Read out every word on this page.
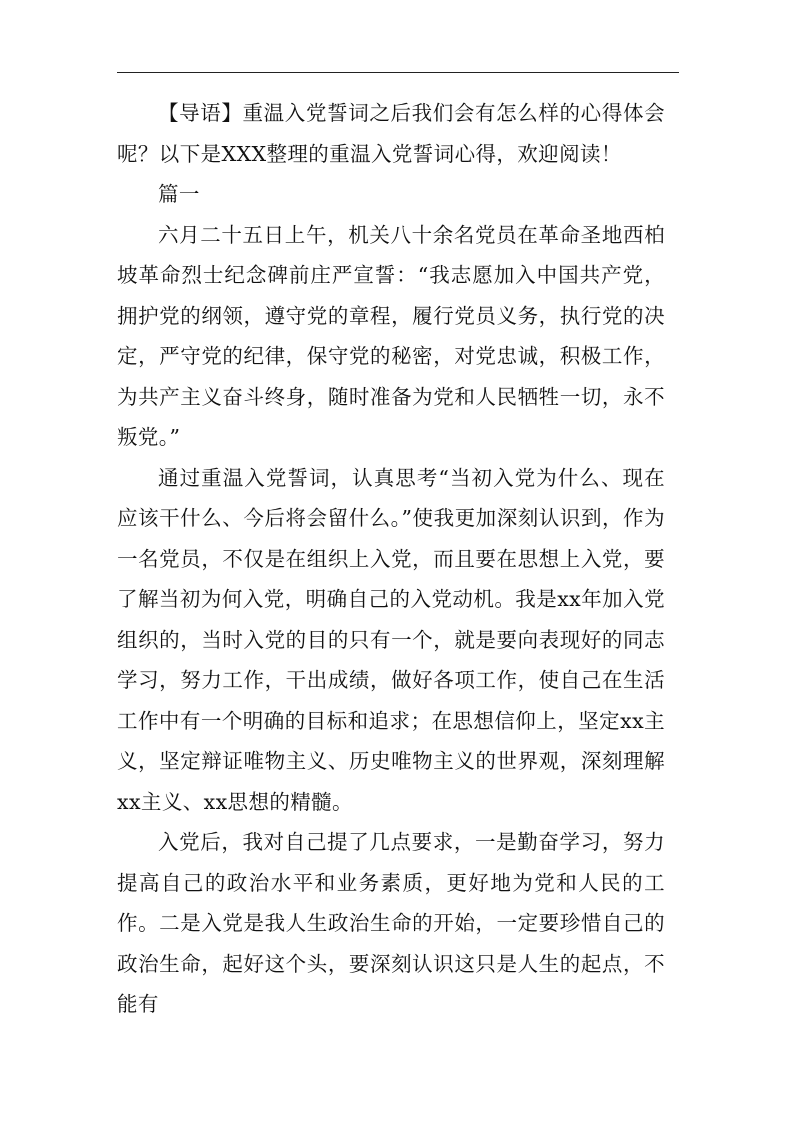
【导语】重温入党誓词之后我们会有怎么样的心得体会呢？以下是XXX整理的重温入党誓词心得，欢迎阅读！

篇一

六月二十五日上午，机关八十余名党员在革命圣地西柏坡革命烈士纪念碑前庄严宣誓：“我志愿加入中国共产党，拥护党的纲领，遵守党的章程，履行党员义务，执行党的决定，严守党的纪律，保守党的秘密，对党忠诚，积极工作，为共产主义奋斗终身，随时准备为党和人民牺牲一切，永不叛党。”

通过重温入党誓词，认真思考“当初入党为什么、现在应该干什么、今后将会留什么。”使我更加深刻认识到，作为一名党员，不仅是在组织上入党，而且要在思想上入党，要了解当初为何入党，明确自己的入党动机。我是xx年加入党组织的，当时入党的目的只有一个，就是要向表现好的同志学习，努力工作，干出成绩，做好各项工作，使自己在生活工作中有一个明确的目标和追求；在思想信仰上，坚定xx主义，坚定辩证唯物主义、历史唯物主义的世界观，深刻理解xx主义、xx思想的精髓。

入党后，我对自己提了几点要求，一是勤奋学习，努力提高自己的政治水平和业务素质，更好地为党和人民的工作。二是入党是我人生政治生命的开始，一定要珍惜自己的政治生命，起好这个头，要深刻认识这只是人生的起点，不能有
